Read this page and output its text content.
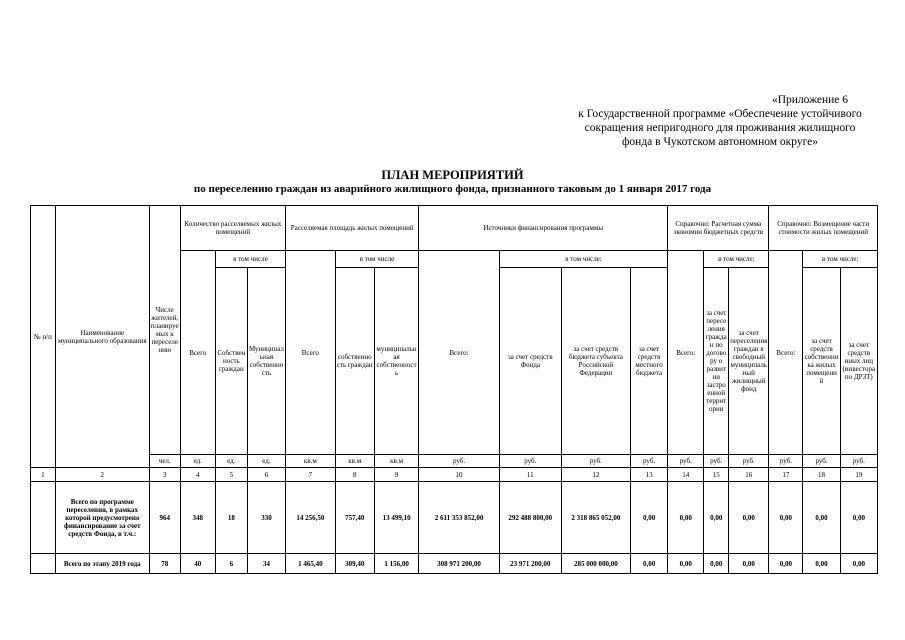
«Приложение 6
к Государственной программе «Обеспечение устойчивого
сокращения непригодного для проживания жилищного
фонда в Чукотском автономном округе»
ПЛАН МЕРОПРИЯТИЙ
по переселению граждан из аварийного жилищного фонда, признанного таковым до 1 января 2017 года
№ п/п	Наименование муниципального образования	Числе жителей, планируемых к переселению	Количество расселяемых жилых помещений			Расселяемая площадь жилых помещений			Источники финансирования программы				Справочно: Расчетная сумма экономии бюджетных средств			Справочно: Возмещение части стоимости жилых помещений		
			Всего	в том числе		Всего	в том числе		Всего:	в том числе:			Всего:	в том числе:		Всего:	в том числе:	
				Собственность граждан	Муниципальная собственность		собственность граждан	муниципальная собственность		за счет средств Фонда	за счет средств бюджета субъекта Российской Федерации	за счет средств местного бюджета		за счет переселения граждан по договору о развитии застроенной территории	за счет переселения граждан в свободный муниципальный жилищный фонд		за счет средств собственника жилых помещений	за счет средств иных лиц (инвестора по ДРЗТ)
		чел.	ед.	ед.	ед.	кв.м	кв.м	кв.м	руб.	руб.	руб.	руб.	руб.	руб.	руб.	руб.	руб.	руб.
1	2	3	4	5	6	7	8	9	10	11	12	13	14	15	16	17	18	19
	Всего по программе переселения, в рамках которой предусмотрено финансирование за счет средств Фонда, в т.ч.:	964	348	18	330	14 256,50	757,40	13 499,10	2 611 353 852,00	292 488 800,00	2 318 865 052,00	0,00	0,00	0,00	0,00	0,00	0,00	0,00
	Всего по этапу 2019 года	78	40	6	34	1 465,40	309,40	1 156,00	308 971 200,00	23 971 200,00	285 000 000,00	0,00	0,00	0,00	0,00	0,00	0,00	0,00
